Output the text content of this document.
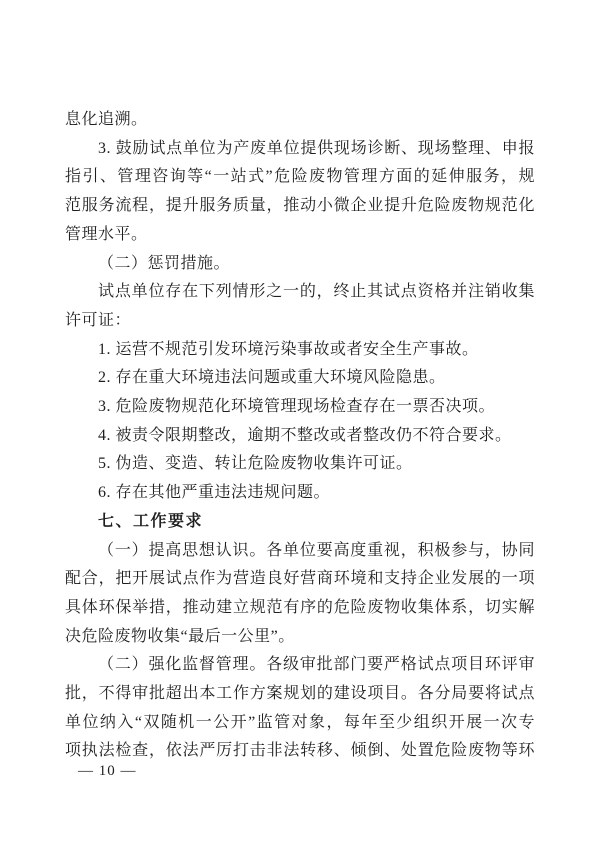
息化追溯。
3. 鼓励试点单位为产废单位提供现场诊断、现场整理、申报
指引、管理咨询等“一站式”危险废物管理方面的延伸服务，规
范服务流程，提升服务质量，推动小微企业提升危险废物规范化
管理水平。
（二）惩罚措施。
试点单位存在下列情形之一的，终止其试点资格并注销收集
许可证：
1. 运营不规范引发环境污染事故或者安全生产事故。
2. 存在重大环境违法问题或重大环境风险隐患。
3. 危险废物规范化环境管理现场检查存在一票否决项。
4. 被责令限期整改，逾期不整改或者整改仍不符合要求。
5. 伪造、变造、转让危险废物收集许可证。
6. 存在其他严重违法违规问题。
七、工作要求
（一）提高思想认识。各单位要高度重视，积极参与，协同
配合，把开展试点作为营造良好营商环境和支持企业发展的一项
具体环保举措，推动建立规范有序的危险废物收集体系，切实解
决危险废物收集“最后一公里”。
（二）强化监督管理。各级审批部门要严格试点项目环评审
批，不得审批超出本工作方案规划的建设项目。各分局要将试点
单位纳入“双随机一公开”监管对象，每年至少组织开展一次专
项执法检查，依法严厉打击非法转移、倾倒、处置危险废物等环
— 10 —
